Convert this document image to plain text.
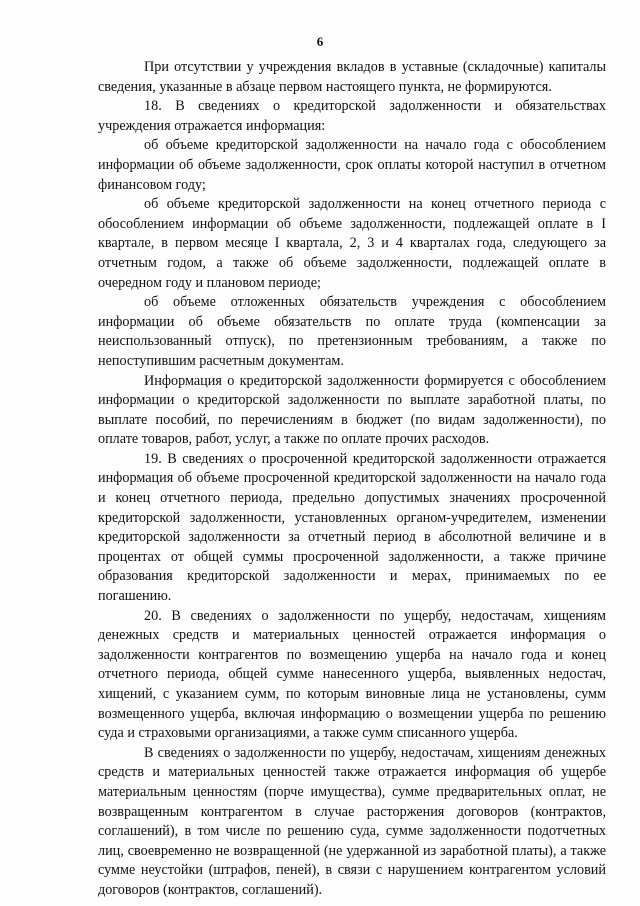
6

При отсутствии у учреждения вкладов в уставные (складочные) капиталы сведения, указанные в абзаце первом настоящего пункта, не формируются.

18. В сведениях о кредиторской задолженности и обязательствах учреждения отражается информация:

об объеме кредиторской задолженности на начало года с обособлением информации об объеме задолженности, срок оплаты которой наступил в отчетном финансовом году;

об объеме кредиторской задолженности на конец отчетного периода с обособлением информации об объеме задолженности, подлежащей оплате в I квартале, в первом месяце I квартала, 2, 3 и 4 кварталах года, следующего за отчетным годом, а также об объеме задолженности, подлежащей оплате в очередном году и плановом периоде;

об объеме отложенных обязательств учреждения с обособлением информации об объеме обязательств по оплате труда (компенсации за неиспользованный отпуск), по претензионным требованиям, а также по непоступившим расчетным документам.

Информация о кредиторской задолженности формируется с обособлением информации о кредиторской задолженности по выплате заработной платы, по выплате пособий, по перечислениям в бюджет (по видам задолженности), по оплате товаров, работ, услуг, а также по оплате прочих расходов.

19. В сведениях о просроченной кредиторской задолженности отражается информация об объеме просроченной кредиторской задолженности на начало года и конец отчетного периода, предельно допустимых значениях просроченной кредиторской задолженности, установленных органом-учредителем, изменении кредиторской задолженности за отчетный период в абсолютной величине и в процентах от общей суммы просроченной задолженности, а также причине образования кредиторской задолженности и мерах, принимаемых по ее погашению.

20. В сведениях о задолженности по ущербу, недостачам, хищениям денежных средств и материальных ценностей отражается информация о задолженности контрагентов по возмещению ущерба на начало года и конец отчетного периода, общей сумме нанесенного ущерба, выявленных недостач, хищений, с указанием сумм, по которым виновные лица не установлены, сумм возмещенного ущерба, включая информацию о возмещении ущерба по решению суда и страховыми организациями, а также сумм списанного ущерба.

В сведениях о задолженности по ущербу, недостачам, хищениям денежных средств и материальных ценностей также отражается информация об ущербе материальным ценностям (порче имущества), сумме предварительных оплат, не возвращенным контрагентом в случае расторжения договоров (контрактов, соглашений), в том числе по решению суда, сумме задолженности подотчетных лиц, своевременно не возвращенной (не удержанной из заработной платы), а также сумме неустойки (штрафов, пеней), в связи с нарушением контрагентом условий договоров (контрактов, соглашений).
